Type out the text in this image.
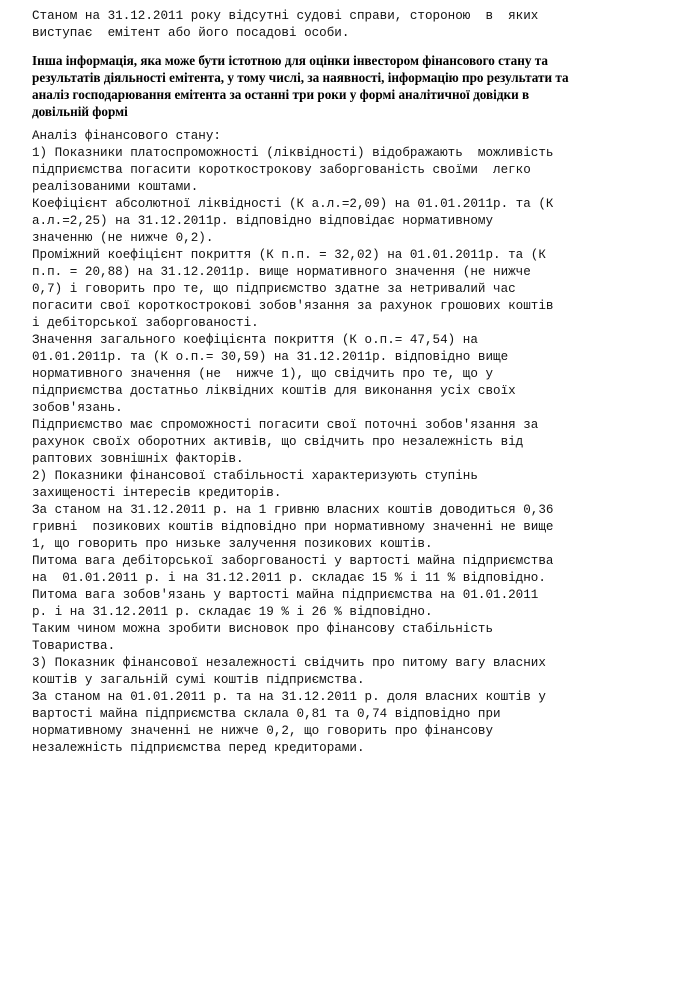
Станом на 31.12.2011 року відсутні судові справи, стороною  в  яких

виступає  емітент або його посадові особи.

Інша інформація, яка може бути істотною для оцінки інвестором фінансового стану та

результатів діяльності емітента, у тому числі, за наявності, інформацію про результати та

аналіз господарювання емітента за останні три роки у формі аналітичної довідки в

довільній формі

Аналіз фінансового стану:

1) Показники платоспроможності (ліквідності) відображають  можливість

підприємства погасити короткострокову заборгованість своїми  легко

реалізованими коштами.

Коефіцієнт абсолютної ліквідності (К а.л.=2,09) на 01.01.2011р. та (К

а.л.=2,25) на 31.12.2011р. відповідно відповідає нормативному

значенню (не нижче 0,2).

Проміжний коефіцієнт покриття (К п.п. = 32,02) на 01.01.2011р. та (К

п.п. = 20,88) на 31.12.2011р. вище нормативного значення (не нижче

0,7) і говорить про те, що підприємство здатне за нетривалий час

погасити свої короткострокові зобов'язання за рахунок грошових коштів

і дебіторської заборгованості.

Значення загального коефіцієнта покриття (К о.п.= 47,54) на

01.01.2011р. та (К о.п.= 30,59) на 31.12.2011р. відповідно вище

нормативного значення (не  нижче 1), що свідчить про те, що у

підприємства достатньо ліквідних коштів для виконання усіх своїх

зобов'язань.

Підприємство має спроможності погасити свої поточні зобов'язання за

рахунок своїх оборотних активів, що свідчить про незалежність від

раптових зовнішніх факторів.

2) Показники фінансової стабільності характеризують ступінь

захищеності інтересів кредиторів.

За станом на 31.12.2011 р. на 1 гривню власних коштів доводиться 0,36

гривні  позикових коштів відповідно при нормативному значенні не вище

1, що говорить про низьке залучення позикових коштів.

Питома вага дебіторської заборгованості у вартості майна підприємства

на  01.01.2011 р. і на 31.12.2011 р. складає 15 % і 11 % відповідно.

Питома вага зобов'язань у вартості майна підприємства на 01.01.2011

р. і на 31.12.2011 р. складає 19 % і 26 % відповідно.

Таким чином можна зробити висновок про фінансову стабільність

Товариства.

3) Показник фінансової незалежності свідчить про питому вагу власних

коштів у загальній сумі коштів підприємства.

За станом на 01.01.2011 р. та на 31.12.2011 р. доля власних коштів у

вартості майна підприємства склала 0,81 та 0,74 відповідно при

нормативному значенні не нижче 0,2, що говорить про фінансову

незалежність підприємства перед кредиторами.
